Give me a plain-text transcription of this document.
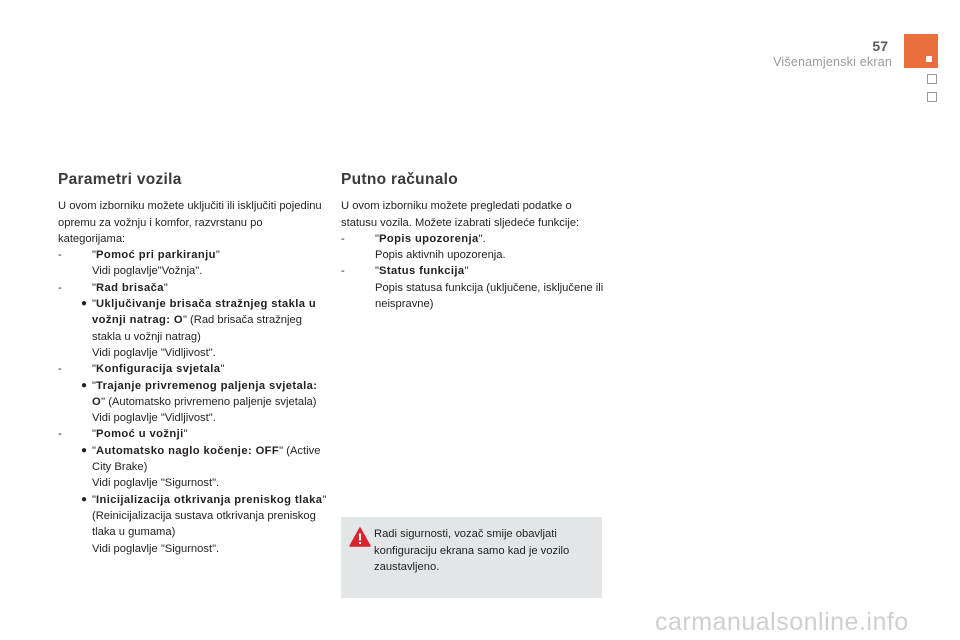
57
Višenamjenski ekran
Parametri vozila
U ovom izborniku možete uključiti ili isključiti pojedinu opremu za vožnju i komfor, razvrstanu po kategorijama:
-	"Pomoć pri parkiranju"
Vidi poglavlje"Vožnja".
-	"Rad brisača"
● "Uključivanje brisača stražnjeg stakla u vožnji natrag: O" (Rad brisača stražnjeg stakla u vožnji natrag)
Vidi poglavlje "Vidljivost".
-	"Konfiguracija svjetala"
● "Trajanje privremenog paljenja svjetala: O" (Automatsko privremeno paljenje svjetala)
Vidi poglavlje "Vidljivost".
-	"Pomoć u vožnji"
● "Automatsko naglo kočenje: OFF" (Active City Brake)
Vidi poglavlje "Sigurnost".
● "Inicijalizacija otkrivanja preniskog tlaka" (Reinicijalizacija sustava otkrivanja preniskog tlaka u gumama)
Vidi poglavlje "Sigurnost".
Putno računalo
U ovom izborniku možete pregledati podatke o statusu vozila. Možete izabrati sljedeće funkcije:
-	"Popis upozorenja".
Popis aktivnih upozorenja.
-	"Status funkcija"
Popis statusa funkcija (uključene, isključene ili neispravne)
Radi sigurnosti, vozač smije obavljati konfiguraciju ekrana samo kad je vozilo zaustavljeno.
carmanualsonline.info
